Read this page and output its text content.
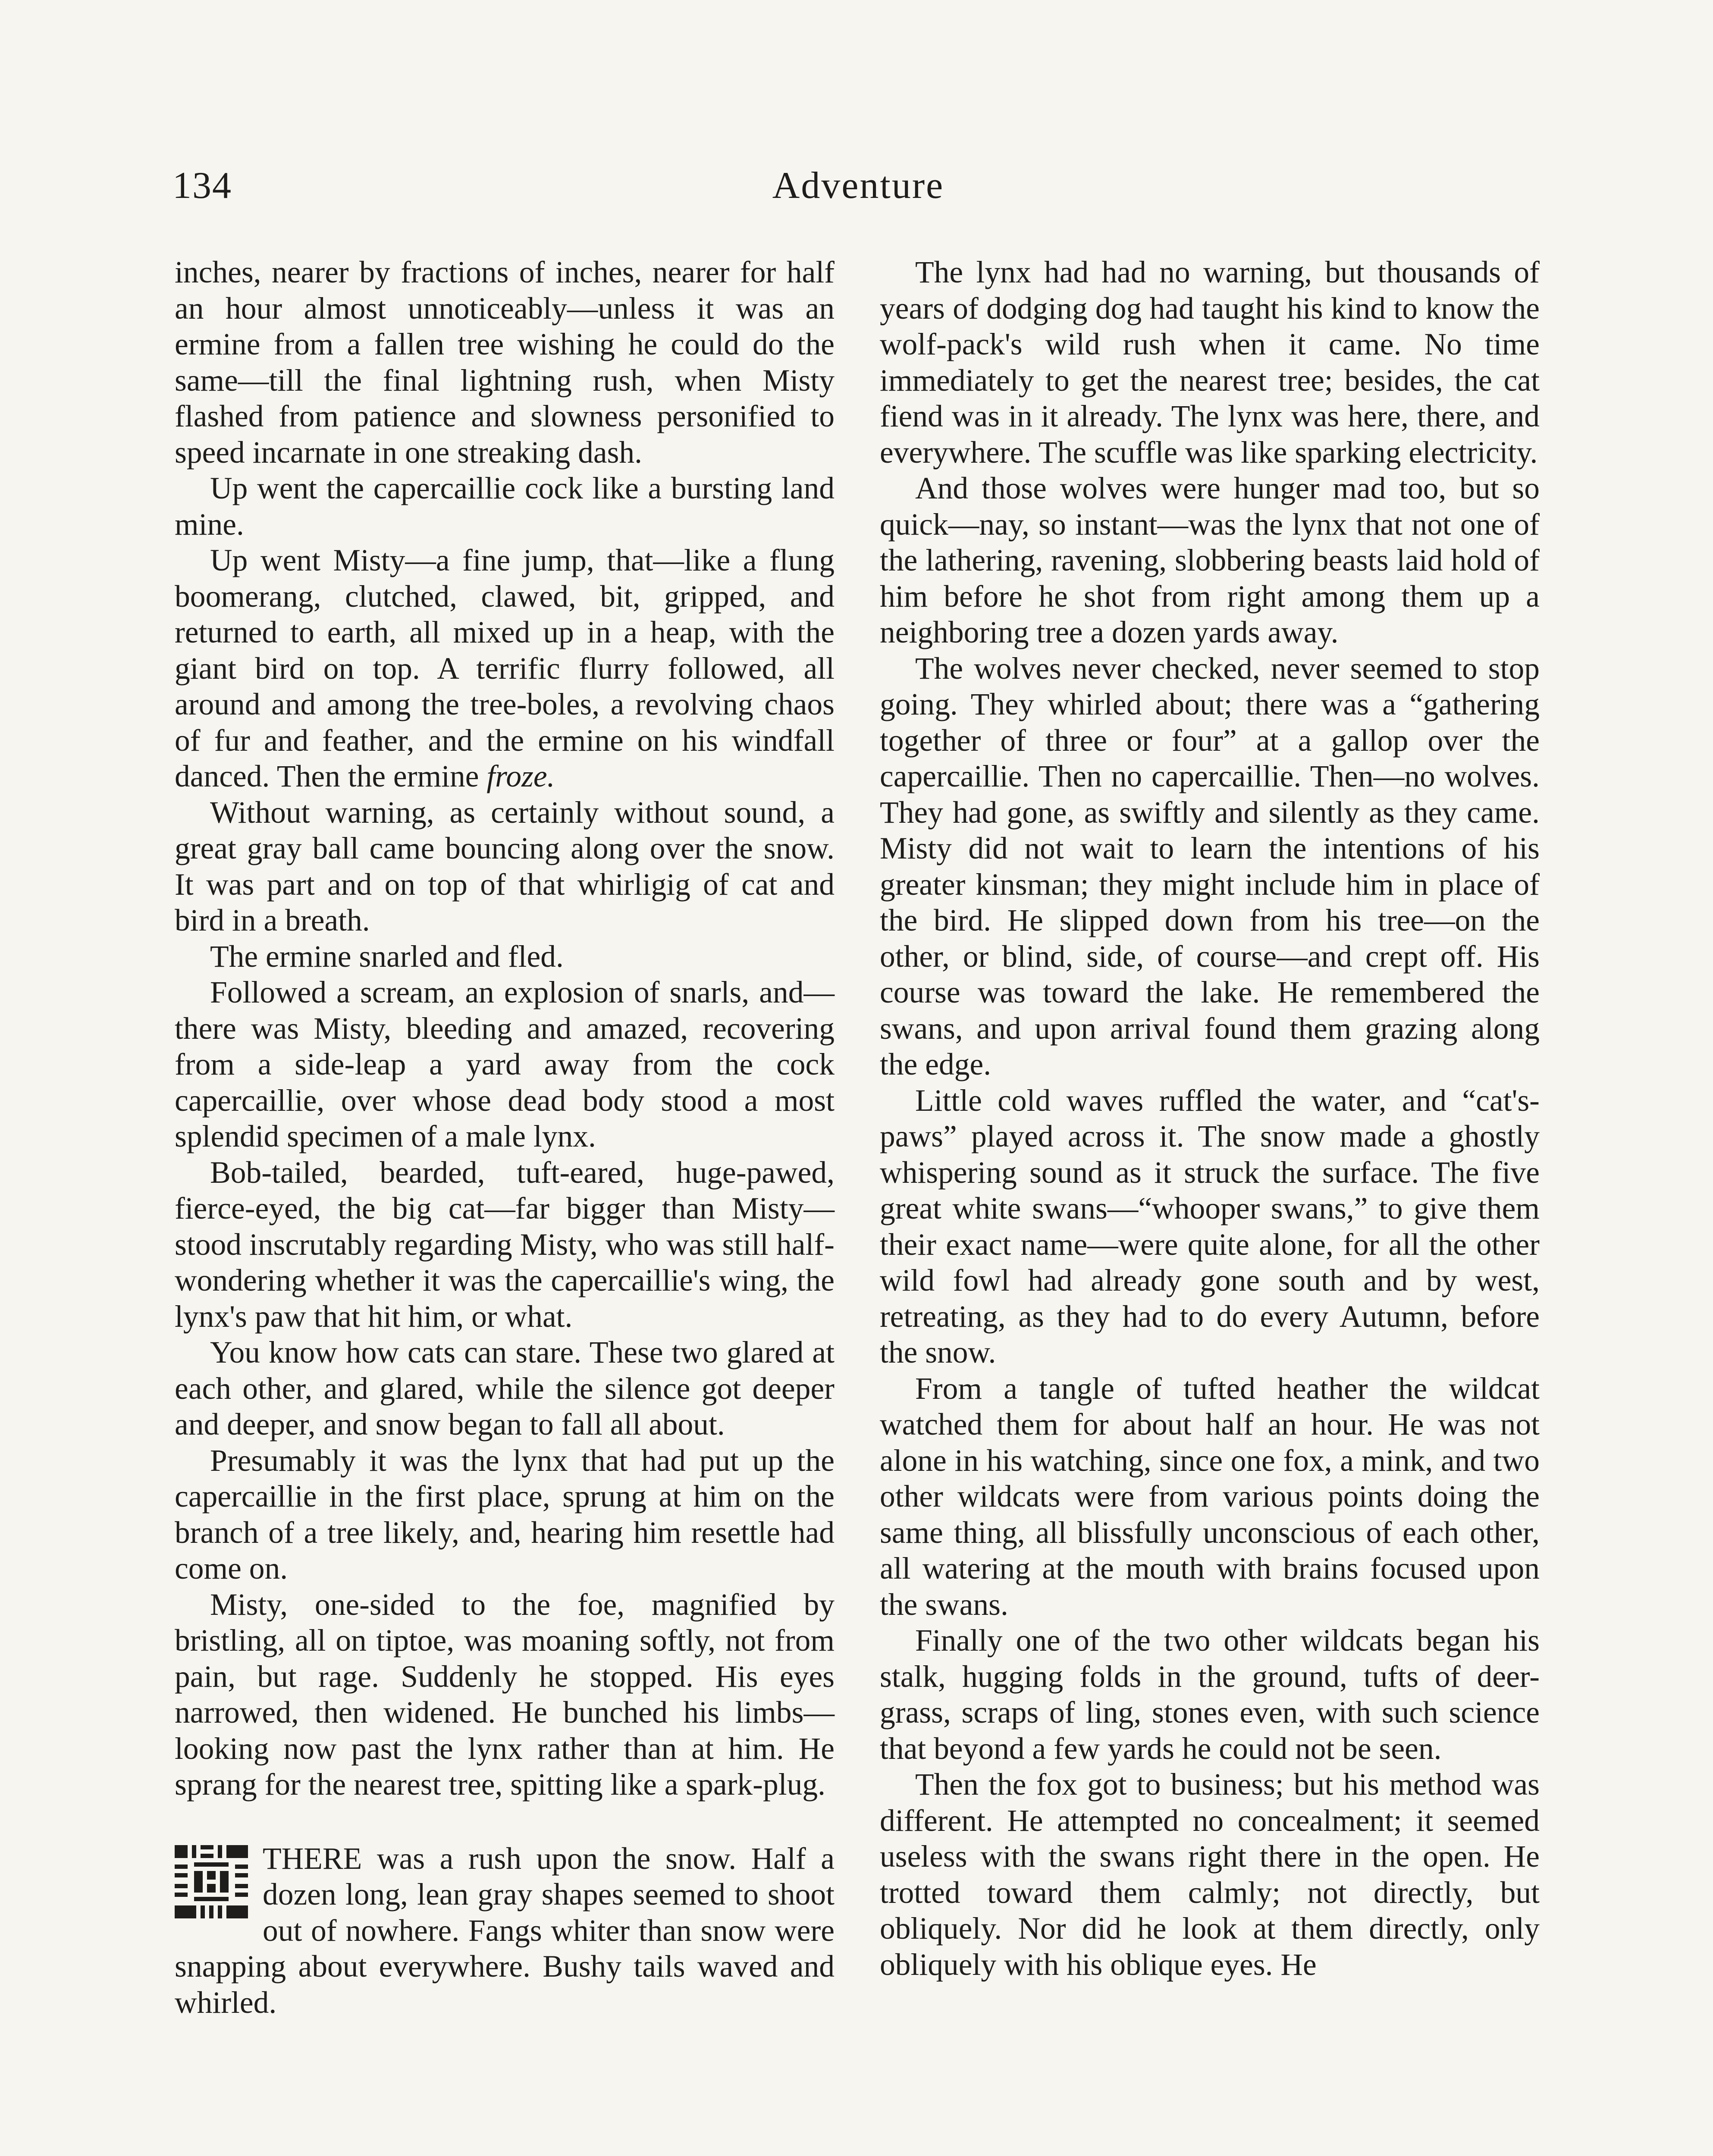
134	Adventure

inches, nearer by fractions of inches, nearer for half an hour almost unnoticeably—unless it was an ermine from a fallen tree wishing he could do the same—till the final lightning rush, when Misty flashed from patience and slowness personified to speed incarnate in one streaking dash.

Up went the capercaillie cock like a bursting land mine.

Up went Misty—a fine jump, that—like a flung boomerang, clutched, clawed, bit, gripped, and returned to earth, all mixed up in a heap, with the giant bird on top. A terrific flurry followed, all around and among the tree-boles, a revolving chaos of fur and feather, and the ermine on his windfall danced. Then the ermine froze.

Without warning, as certainly without sound, a great gray ball came bouncing along over the snow. It was part and on top of that whirligig of cat and bird in a breath.

The ermine snarled and fled.

Followed a scream, an explosion of snarls, and—there was Misty, bleeding and amazed, recovering from a side-leap a yard away from the cock capercaillie, over whose dead body stood a most splendid specimen of a male lynx.

Bob-tailed, bearded, tuft-eared, huge-pawed, fierce-eyed, the big cat—far bigger than Misty—stood inscrutably regarding Misty, who was still half-wondering whether it was the capercaillie's wing, the lynx's paw that hit him, or what.

You know how cats can stare. These two glared at each other, and glared, while the silence got deeper and deeper, and snow began to fall all about.

Presumably it was the lynx that had put up the capercaillie in the first place, sprung at him on the branch of a tree likely, and, hearing him resettle had come on.

Misty, one-sided to the foe, magnified by bristling, all on tiptoe, was moaning softly, not from pain, but rage. Suddenly he stopped. His eyes narrowed, then widened. He bunched his limbs—looking now past the lynx rather than at him. He sprang for the nearest tree, spitting like a spark-plug.

THERE was a rush upon the snow. Half a dozen long, lean gray shapes seemed to shoot out of nowhere. Fangs whiter than snow were snapping about everywhere. Bushy tails waved and whirled.

The lynx had had no warning, but thousands of years of dodging dog had taught his kind to know the wolf-pack's wild rush when it came. No time immediately to get the nearest tree; besides, the cat fiend was in it already. The lynx was here, there, and everywhere. The scuffle was like sparking electricity.

And those wolves were hunger mad too, but so quick—nay, so instant—was the lynx that not one of the lathering, ravening, slobbering beasts laid hold of him before he shot from right among them up a neighboring tree a dozen yards away.

The wolves never checked, never seemed to stop going. They whirled about; there was a “gathering together of three or four” at a gallop over the capercaillie. Then no capercaillie. Then—no wolves. They had gone, as swiftly and silently as they came. Misty did not wait to learn the intentions of his greater kinsman; they might include him in place of the bird. He slipped down from his tree—on the other, or blind, side, of course—and crept off. His course was toward the lake. He remembered the swans, and upon arrival found them grazing along the edge.

Little cold waves ruffled the water, and “cat's-paws” played across it. The snow made a ghostly whispering sound as it struck the surface. The five great white swans—“whooper swans,” to give them their exact name—were quite alone, for all the other wild fowl had already gone south and by west, retreating, as they had to do every Autumn, before the snow.

From a tangle of tufted heather the wildcat watched them for about half an hour. He was not alone in his watching, since one fox, a mink, and two other wildcats were from various points doing the same thing, all blissfully unconscious of each other, all watering at the mouth with brains focused upon the swans.

Finally one of the two other wildcats began his stalk, hugging folds in the ground, tufts of deer-grass, scraps of ling, stones even, with such science that beyond a few yards he could not be seen.

Then the fox got to business; but his method was different. He attempted no concealment; it seemed useless with the swans right there in the open. He trotted toward them calmly; not directly, but obliquely. Nor did he look at them directly, only obliquely with his oblique eyes. He
